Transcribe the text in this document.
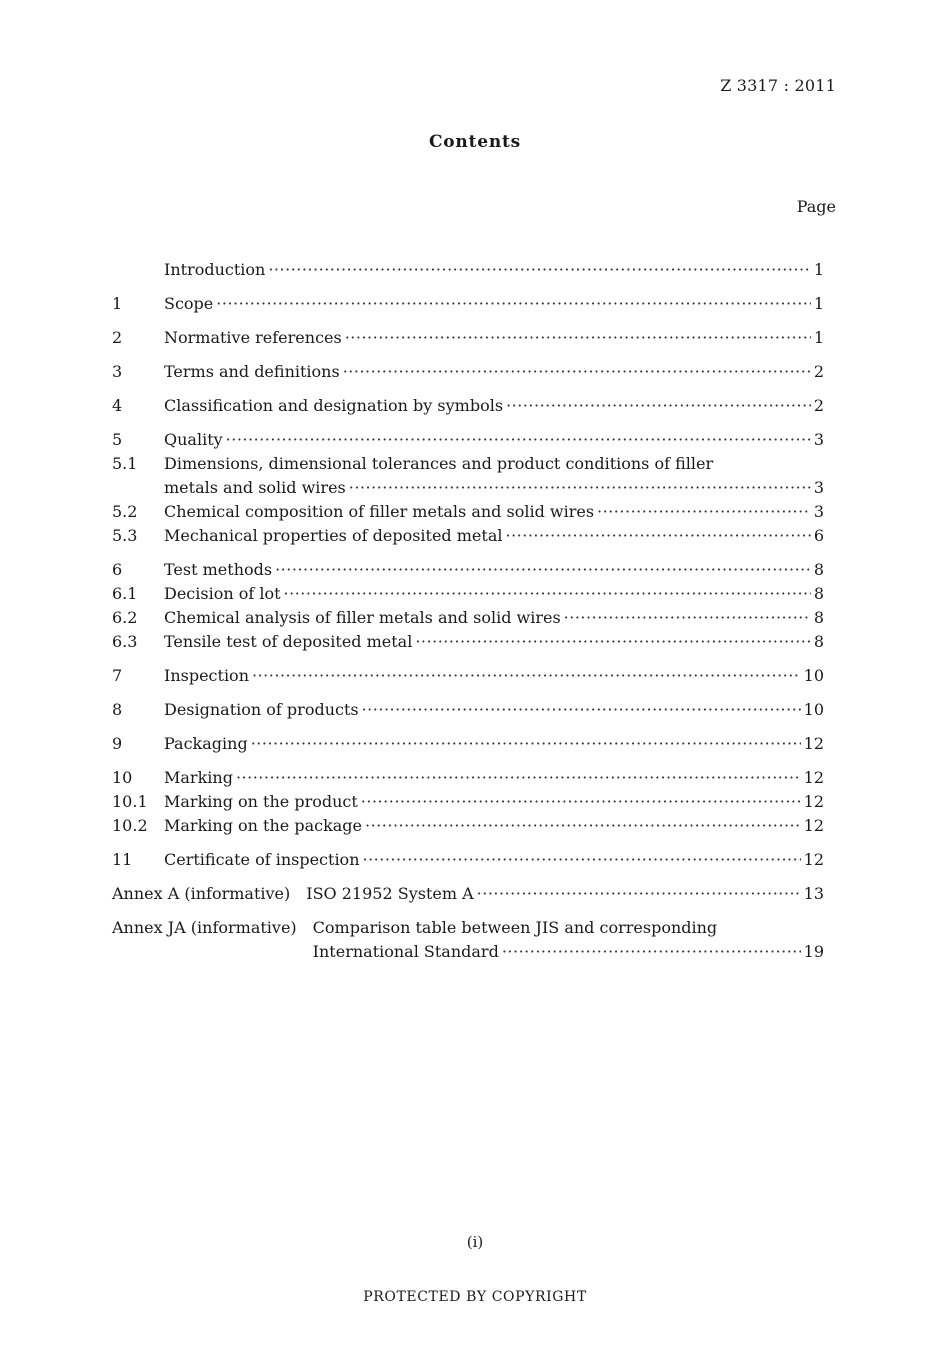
Z 3317 : 2011
Contents
Page
Introduction ·····	1
1	Scope ·····	1
2	Normative references ·····	1
3	Terms and definitions ·····	2
4	Classification and designation by symbols ·····	2
5	Quality ·····	3
5.1	Dimensions, dimensional tolerances and product conditions of filler
metals and solid wires ·····	3
5.2	Chemical composition of filler metals and solid wires ·····	3
5.3	Mechanical properties of deposited metal ·····	6
6	Test methods ·····	8
6.1	Decision of lot ·····	8
6.2	Chemical analysis of filler metals and solid wires ·····	8
6.3	Tensile test of deposited metal ·····	8
7	Inspection ·····	10
8	Designation of products ·····	10
9	Packaging ·····	12
10	Marking ·····	12
10.1	Marking on the product ·····	12
10.2	Marking on the package ·····	12
11	Certificate of inspection ·····	12
Annex A (informative)	ISO 21952 System A ·····	13
Annex JA (informative)	Comparison table between JIS and corresponding
International Standard ·····	19
(i)
PROTECTED BY COPYRIGHT
